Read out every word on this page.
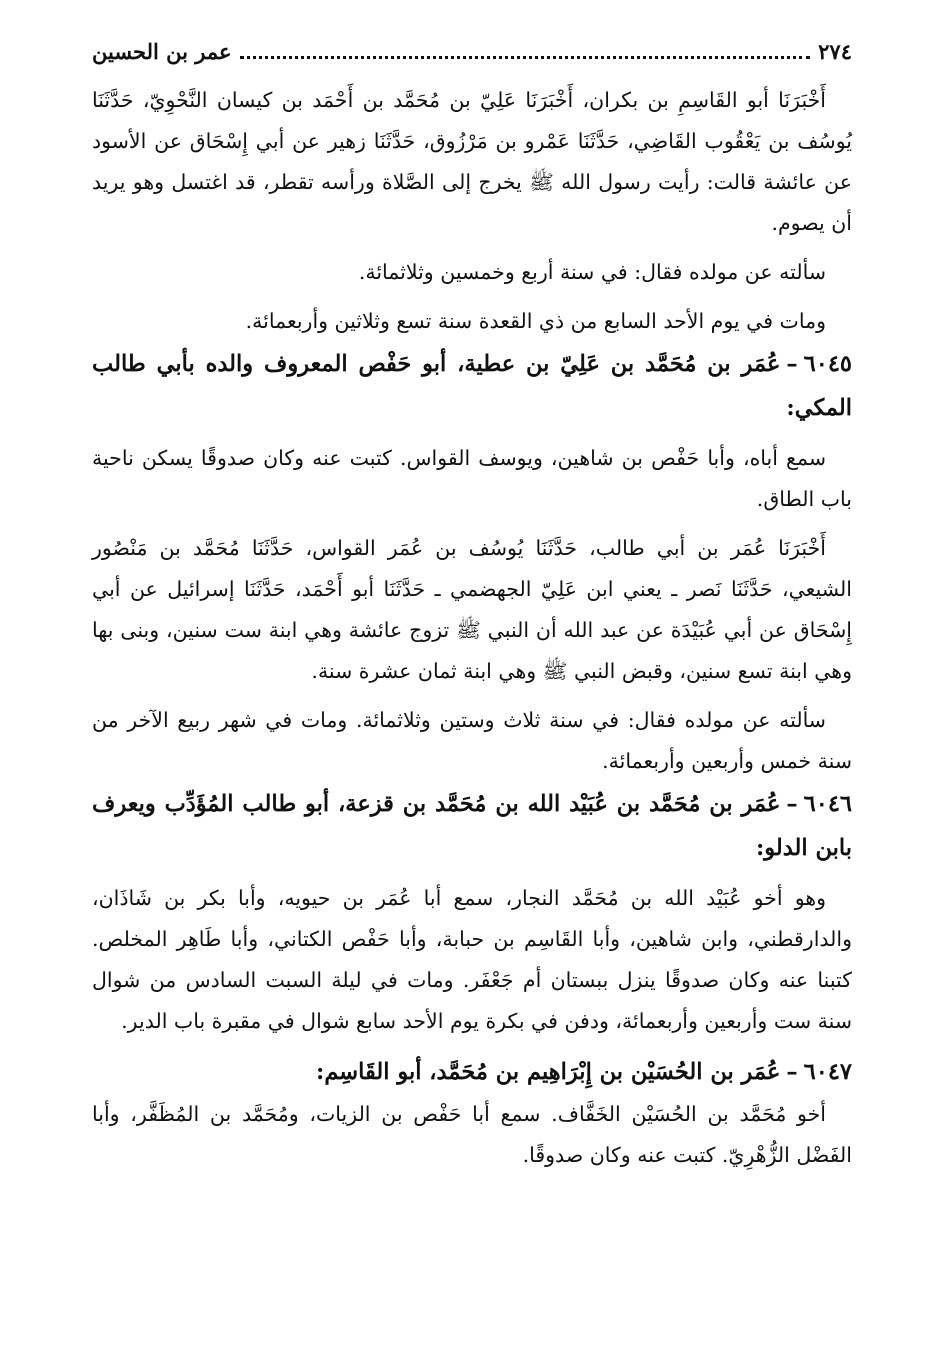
٢٧٤
عمر بن الحسين

أَخْبَرَنَا أبو القَاسِمِ بن بكران، أَخْبَرَنَا عَلِيّ بن مُحَمَّد بن أَحْمَد بن كيسان النَّحْوِيّ، حَدَّثَنَا يُوسُف بن يَعْقُوب القَاضِي، حَدَّثَنَا عَمْرو بن مَرْزُوق، حَدَّثَنَا زهير عن أبي إِسْحَاق عن الأسود عن عائشة قالت: رأيت رسول الله ﷺ يخرج إلى الصَّلاة ورأسه تقطر، قد اغتسل وهو يريد أن يصوم.

سألته عن مولده فقال: في سنة أربع وخمسين وثلاثمائة.

ومات في يوم الأحد السابع من ذي القعدة سنة تسع وثلاثين وأربعمائة.

٦٠٤٥–عُمَر بن مُحَمَّد بن عَلِيّ بن عطية، أبو حَفْص المعروف والده بأبي طالب المكي:

سمع أباه، وأبا حَفْص بن شاهين، ويوسف القواس. كتبت عنه وكان صدوقًا يسكن ناحية باب الطاق.

أَخْبَرَنَا عُمَر بن أبي طالب، حَدَّثَنَا يُوسُف بن عُمَر القواس، حَدَّثَنَا مُحَمَّد بن مَنْصُور الشيعي، حَدَّثَنَا نَصر ـ يعني ابن عَلِيّ الجهضمي ـ حَدَّثَنَا أبو أَحْمَد، حَدَّثَنَا إسرائيل عن أبي إِسْحَاق عن أبي عُبَيْدَة عن عبد الله أن النبي ﷺ تزوج عائشة وهي ابنة ست سنين، وبنى بها وهي ابنة تسع سنين، وقبض النبي ﷺ وهي ابنة ثمان عشرة سنة.

سألته عن مولده فقال: في سنة ثلاث وستين وثلاثمائة. ومات في شهر ربيع الآخر من سنة خمس وأربعين وأربعمائة.

٦٠٤٦–عُمَر بن مُحَمَّد بن عُبَيْد الله بن مُحَمَّد بن قزعة، أبو طالب المُؤَدِّب ويعرف بابن الدلو:

وهو أخو عُبَيْد الله بن مُحَمَّد النجار، سمع أبا عُمَر بن حيويه، وأبا بكر بن شَاذَان، والدارقطني، وابن شاهين، وأبا القَاسِم بن حبابة، وأبا حَفْص الكتاني، وأبا طَاهِر المخلص. كتبنا عنه وكان صدوقًا ينزل ببستان أم جَعْفَر. ومات في ليلة السبت السادس من شوال سنة ست وأربعين وأربعمائة، ودفن في بكرة يوم الأحد سابع شوال في مقبرة باب الدير.

٦٠٤٧–عُمَر بن الحُسَيْن بن إِبْرَاهِيم بن مُحَمَّد، أبو القَاسِم:

أخو مُحَمَّد بن الحُسَيْن الخَفَّاف. سمع أبا حَفْص بن الزيات، ومُحَمَّد بن المُظَفَّر، وأبا الفَضْل الزُّهْرِيّ. كتبت عنه وكان صدوقًا.
